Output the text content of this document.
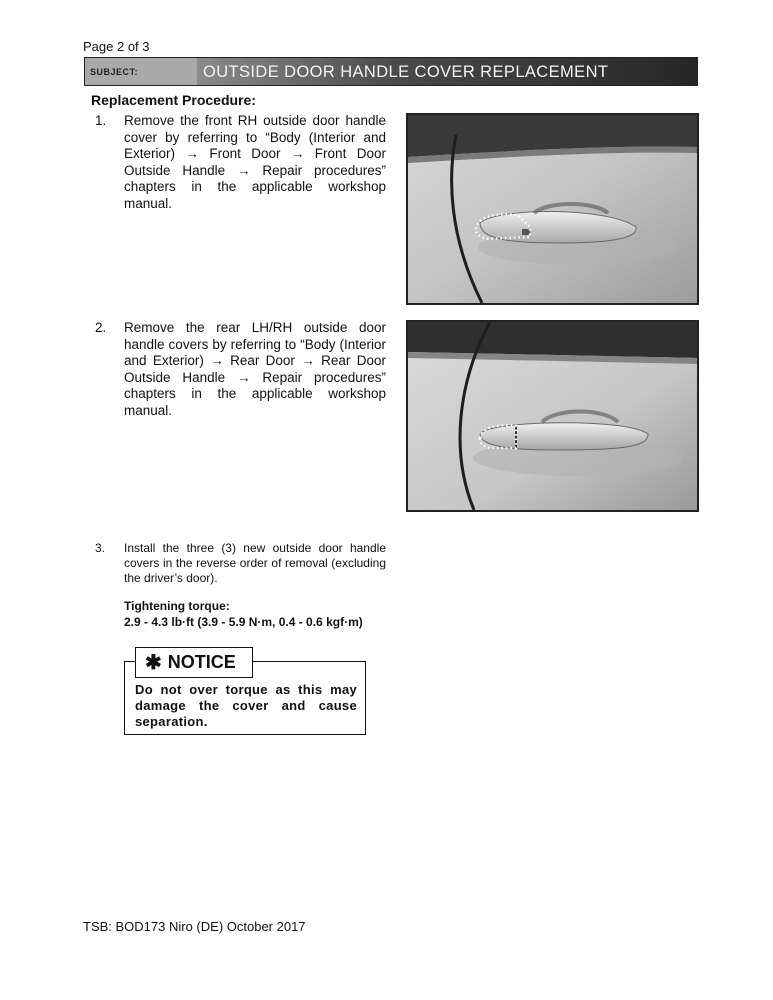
Page 2 of 3
SUBJECT:	OUTSIDE DOOR HANDLE COVER REPLACEMENT
Replacement Procedure:
1.	Remove the front RH outside door handle cover by referring to “Body (Interior and Exterior) → Front Door → Front Door Outside Handle → Repair procedures” chapters in the applicable workshop manual.
2.	Remove the rear LH/RH outside door handle covers by referring to “Body (Interior and Exterior) → Rear Door → Rear Door Outside Handle → Repair procedures” chapters in the applicable workshop manual.
3.	Install the three (3) new outside door handle covers in the reverse order of removal (excluding the driver’s door).
Tightening torque:
2.9 - 4.3 lb·ft (3.9 - 5.9 N·m, 0.4 - 0.6 kgf·m)
✱ NOTICE
Do not over torque as this may damage the cover and cause separation.
TSB: BOD173 Niro (DE) October 2017
